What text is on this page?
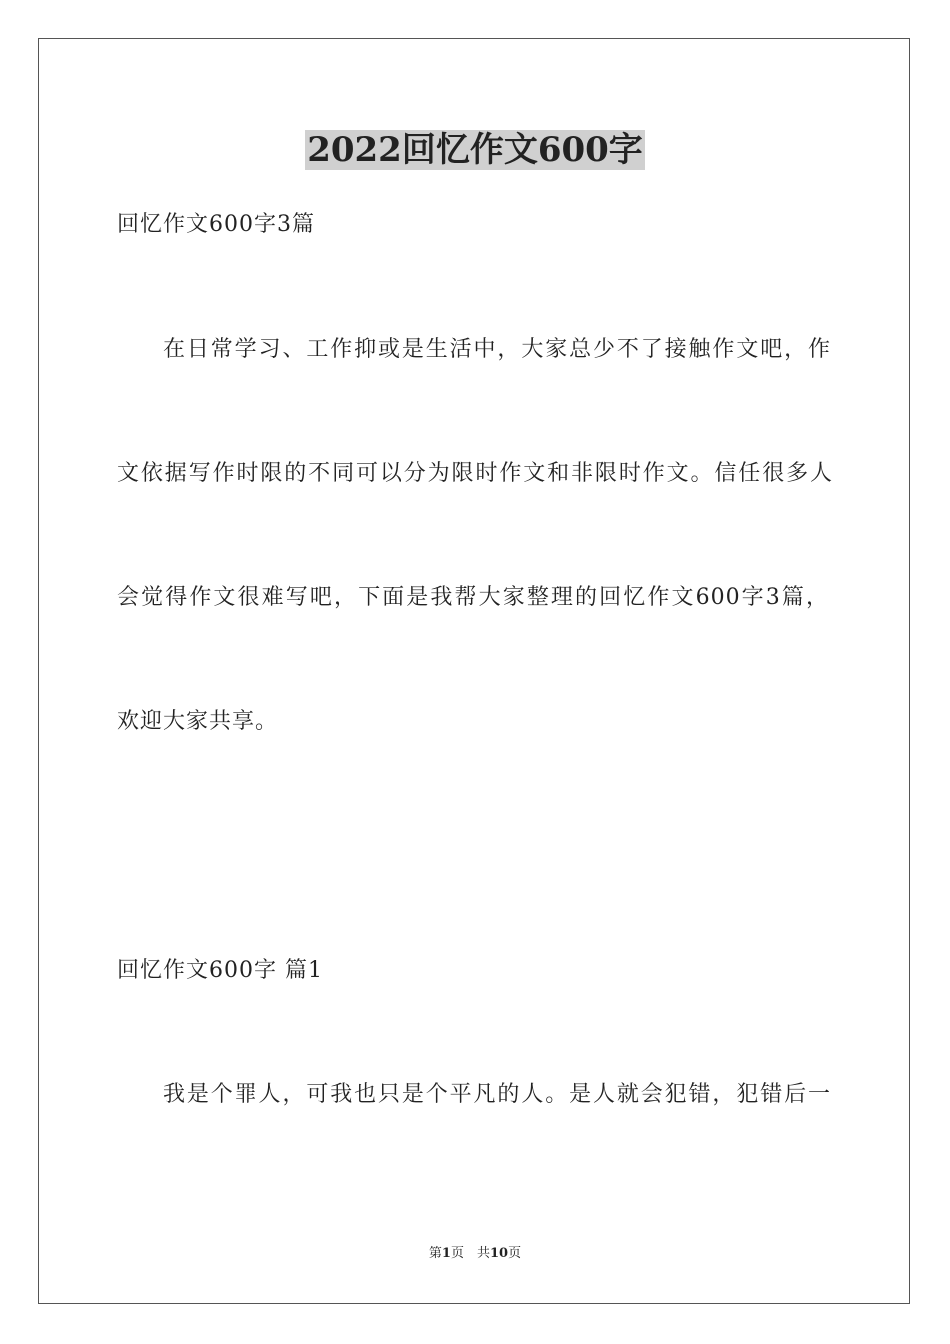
2022回忆作文600字

回忆作文600字3篇

在日常学习、工作抑或是生活中，大家总少不了接触作文吧，作

文依据写作时限的不同可以分为限时作文和非限时作文。信任很多人

会觉得作文很难写吧，下面是我帮大家整理的回忆作文600字3篇，

欢迎大家共享。

回忆作文600字 篇1

我是个罪人，可我也只是个平凡的人。是人就会犯错，犯错后一

第1页　共10页
